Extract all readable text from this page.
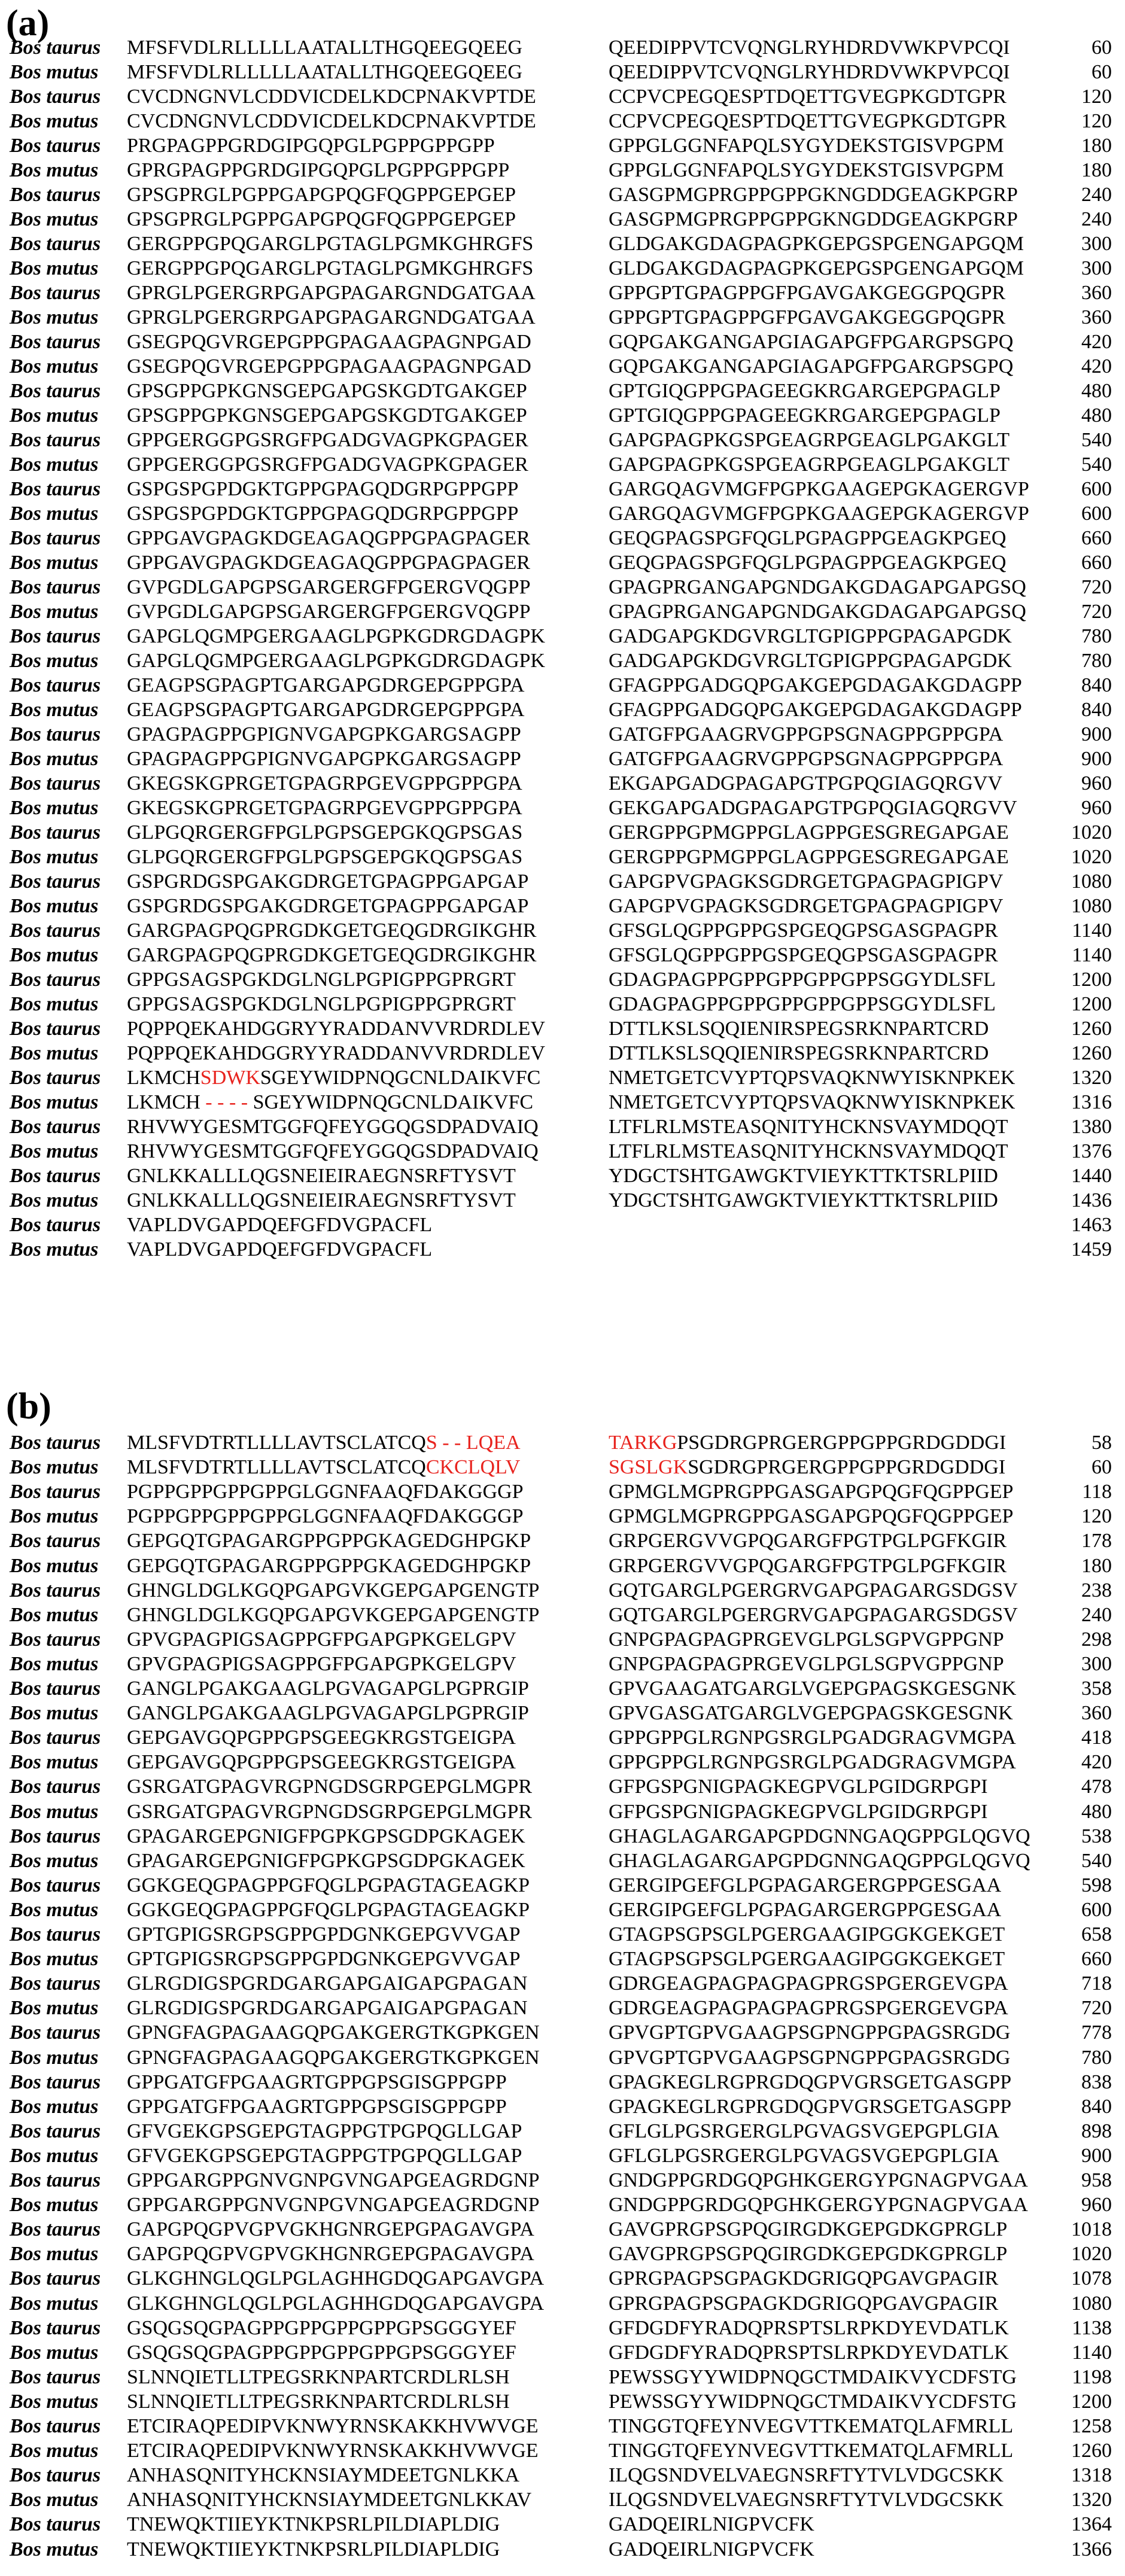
(a)
Bos taurus MFSFVDLRLLLLLAATALLTHGQEEGQEEG	QEEDIPPVTCVQNGLRYHDRDVWKPVPCQI	60
Bos mutus MFSFVDLRLLLLLAATALLTHGQEEGQEEG	QEEDIPPVTCVQNGLRYHDRDVWKPVPCQI	60
Bos taurus CVCDNGNVLCDDVICDELKDCPNAKVPTDE	CCPVCPEGQESPTDQETTGVEGPKGDTGPR	120
Bos mutus CVCDNGNVLCDDVICDELKDCPNAKVPTDE	CCPVCPEGQESPTDQETTGVEGPKGDTGPR	120
Bos taurus PRGPAGPPGRDGIPGQPGLPGPPGPPGPP	GPPGLGGNFAPQLSYGYDEKSTGISVPGPM	180
Bos mutus GPRGPAGPPGRDGIPGQPGLPGPPGPPGPP	GPPGLGGNFAPQLSYGYDEKSTGISVPGPM	180
Bos taurus GPSGPRGLPGPPGAPGPQGFQGPPGEPGEP	GASGPMGPRGPPGPPGKNGDDGEAGKPGRP	240
Bos mutus GPSGPRGLPGPPGAPGPQGFQGPPGEPGEP	GASGPMGPRGPPGPPGKNGDDGEAGKPGRP	240
Bos taurus GERGPPGPQGARGLPGTAGLPGMKGHRGFS	GLDGAKGDAGPAGPKGEPGSPGENGAPGQM	300
Bos mutus GERGPPGPQGARGLPGTAGLPGMKGHRGFS	GLDGAKGDAGPAGPKGEPGSPGENGAPGQM	300
Bos taurus GPRGLPGERGRPGAPGPAGARGNDGATGAA	GPPGPTGPAGPPGFPGAVGAKGEGGPQGPR	360
Bos mutus GPRGLPGERGRPGAPGPAGARGNDGATGAA	GPPGPTGPAGPPGFPGAVGAKGEGGPQGPR	360
Bos taurus GSEGPQGVRGEPGPPGPAGAAGPAGNPGAD	GQPGAKGANGAPGIAGAPGFPGARGPSGPQ	420
Bos mutus GSEGPQGVRGEPGPPGPAGAAGPAGNPGAD	GQPGAKGANGAPGIAGAPGFPGARGPSGPQ	420
Bos taurus GPSGPPGPKGNSGEPGAPGSKGDTGAKGEP	GPTGIQGPPGPAGEEGKRGARGEPGPAGLP	480
Bos mutus GPSGPPGPKGNSGEPGAPGSKGDTGAKGEP	GPTGIQGPPGPAGEEGKRGARGEPGPAGLP	480
Bos taurus GPPGERGGPGSRGFPGADGVAGPKGPAGER	GAPGPAGPKGSPGEAGRPGEAGLPGAKGLT	540
Bos mutus GPPGERGGPGSRGFPGADGVAGPKGPAGER	GAPGPAGPKGSPGEAGRPGEAGLPGAKGLT	540
Bos taurus GSPGSPGPDGKTGPPGPAGQDGRPGPPGPP	GARGQAGVMGFPGPKGAAGEPGKAGERGVP	600
Bos mutus GSPGSPGPDGKTGPPGPAGQDGRPGPPGPP	GARGQAGVMGFPGPKGAAGEPGKAGERGVP	600
Bos taurus GPPGAVGPAGKDGEAGAQGPPGPAGPAGER	GEQGPAGSPGFQGLPGPAGPPGEAGKPGEQ	660
Bos mutus GPPGAVGPAGKDGEAGAQGPPGPAGPAGER	GEQGPAGSPGFQGLPGPAGPPGEAGKPGEQ	660
Bos taurus GVPGDLGAPGPSGARGERGFPGERGVQGPP	GPAGPRGANGAPGNDGAKGDAGAPGAPGSQ	720
Bos mutus GVPGDLGAPGPSGARGERGFPGERGVQGPP	GPAGPRGANGAPGNDGAKGDAGAPGAPGSQ	720
Bos taurus GAPGLQGMPGERGAAGLPGPKGDRGDAGPK	GADGAPGKDGVRGLTGPIGPPGPAGAPGDK	780
Bos mutus GAPGLQGMPGERGAAGLPGPKGDRGDAGPK	GADGAPGKDGVRGLTGPIGPPGPAGAPGDK	780
Bos taurus GEAGPSGPAGPTGARGAPGDRGEPGPPGPA	GFAGPPGADGQPGAKGEPGDAGAKGDAGPP	840
Bos mutus GEAGPSGPAGPTGARGAPGDRGEPGPPGPA	GFAGPPGADGQPGAKGEPGDAGAKGDAGPP	840
Bos taurus GPAGPAGPPGPIGNVGAPGPKGARGSAGPP	GATGFPGAAGRVGPPGPSGNAGPPGPPGPA	900
Bos mutus GPAGPAGPPGPIGNVGAPGPKGARGSAGPP	GATGFPGAAGRVGPPGPSGNAGPPGPPGPA	900
Bos taurus GKEGSKGPRGETGPAGRPGEVGPPGPPGPA	EKGAPGADGPAGAPGTPGPQGIAGQRGVV	960
Bos mutus GKEGSKGPRGETGPAGRPGEVGPPGPPGPA	GEKGAPGADGPAGAPGTPGPQGIAGQRGVV	960
Bos taurus GLPGQRGERGFPGLPGPSGEPGKQGPSGAS	GERGPPGPMGPPGLAGPPGESGREGAPGAE	1020
Bos mutus GLPGQRGERGFPGLPGPSGEPGKQGPSGAS	GERGPPGPMGPPGLAGPPGESGREGAPGAE	1020
Bos taurus GSPGRDGSPGAKGDRGETGPAGPPGAPGAP	GAPGPVGPAGKSGDRGETGPAGPAGPIGPV	1080
Bos mutus GSPGRDGSPGAKGDRGETGPAGPPGAPGAP	GAPGPVGPAGKSGDRGETGPAGPAGPIGPV	1080
Bos taurus GARGPAGPQGPRGDKGETGEQGDRGIKGHR	GFSGLQGPPGPPGSPGEQGPSGASGPAGPR	1140
Bos mutus GARGPAGPQGPRGDKGETGEQGDRGIKGHR	GFSGLQGPPGPPGSPGEQGPSGASGPAGPR	1140
Bos taurus GPPGSAGSPGKDGLNGLPGPIGPPGPRGRT	GDAGPAGPPGPPGPPGPPGPPSGGYDLSFL	1200
Bos mutus GPPGSAGSPGKDGLNGLPGPIGPPGPRGRT	GDAGPAGPPGPPGPPGPPGPPSGGYDLSFL	1200
Bos taurus PQPPQEKAHDGGRYYRADDANVVRDRDLEV	DTTLKSLSQQIENIRSPEGSRKNPARTCRD	1260
Bos mutus PQPPQEKAHDGGRYYRADDANVVRDRDLEV	DTTLKSLSQQIENIRSPEGSRKNPARTCRD	1260
Bos taurus LKMCHSDWKSGEYWIDPNQGCNLDAIKVFC	NMETGETCVYPTQPSVAQKNWYISKNPKEK	1320
Bos mutus LKMCH - - - - SGEYWIDPNQGCNLDAIKVFC	NMETGETCVYPTQPSVAQKNWYISKNPKEK	1316
Bos taurus RHVWYGESMTGGFQFEYGGQGSDPADVAIQ	LTFLRLMSTEASQNITYHCKNSVAYMDQQT	1380
Bos mutus RHVWYGESMTGGFQFEYGGQGSDPADVAIQ	LTFLRLMSTEASQNITYHCKNSVAYMDQQT	1376
Bos taurus GNLKKALLLQGSNEIEIRAEGNSRFTYSVT	YDGCTSHTGAWGKTVIEYKTTKTSRLPIID	1440
Bos mutus GNLKKALLLQGSNEIEIRAEGNSRFTYSVT	YDGCTSHTGAWGKTVIEYKTTKTSRLPIID	1436
Bos taurus VAPLDVGAPDQEFGFDVGPACFL	1463
Bos mutus VAPLDVGAPDQEFGFDVGPACFL	1459
(b)
Bos taurus MLSFVDTRTLLLLAVTSCLATCQS - - LQEA	TARKGPSGDRGPRGERGPPGPPGRDGDDGI	58
Bos mutus MLSFVDTRTLLLLAVTSCLATCQCKCLQLV	SGSLGKSGDRGPRGERGPPGPPGRDGDDGI	60
Bos taurus PGPPGPPGPPGPPGLGGNFAAQFDAKGGGP	GPMGLMGPRGPPGASGAPGPQGFQGPPGEP	118
Bos mutus PGPPGPPGPPGPPGLGGNFAAQFDAKGGGP	GPMGLMGPRGPPGASGAPGPQGFQGPPGEP	120
Bos taurus GEPGQTGPAGARGPPGPPGKAGEDGHPGKP	GRPGERGVVGPQGARGFPGTPGLPGFKGIR	178
Bos mutus GEPGQTGPAGARGPPGPPGKAGEDGHPGKP	GRPGERGVVGPQGARGFPGTPGLPGFKGIR	180
Bos taurus GHNGLDGLKGQPGAPGVKGEPGAPGENGTP	GQTGARGLPGERGRVGAPGPAGARGSDGSV	238
Bos mutus GHNGLDGLKGQPGAPGVKGEPGAPGENGTP	GQTGARGLPGERGRVGAPGPAGARGSDGSV	240
Bos taurus GPVGPAGPIGSAGPPGFPGAPGPKGELGPV	GNPGPAGPAGPRGEVGLPGLSGPVGPPGNP	298
Bos mutus GPVGPAGPIGSAGPPGFPGAPGPKGELGPV	GNPGPAGPAGPRGEVGLPGLSGPVGPPGNP	300
Bos taurus GANGLPGAKGAAGLPGVAGAPGLPGPRGIP	GPVGAAGATGARGLVGEPGPAGSKGESGNK	358
Bos mutus GANGLPGAKGAAGLPGVAGAPGLPGPRGIP	GPVGASGATGARGLVGEPGPAGSKGESGNK	360
Bos taurus GEPGAVGQPGPPGPSGEEGKRGSTGEIGPA	GPPGPPGLRGNPGSRGLPGADGRAGVMGPA	418
Bos mutus GEPGAVGQPGPPGPSGEEGKRGSTGEIGPA	GPPGPPGLRGNPGSRGLPGADGRAGVMGPA	420
Bos taurus GSRGATGPAGVRGPNGDSGRPGEPGLMGPR	GFPGSPGNIGPAGKEGPVGLPGIDGRPGPI	478
Bos mutus GSRGATGPAGVRGPNGDSGRPGEPGLMGPR	GFPGSPGNIGPAGKEGPVGLPGIDGRPGPI	480
Bos taurus GPAGARGEPGNIGFPGPKGPSGDPGKAGEK	GHAGLAGARGAPGPDGNNGAQGPPGLQGVQ	538
Bos mutus GPAGARGEPGNIGFPGPKGPSGDPGKAGEK	GHAGLAGARGAPGPDGNNGAQGPPGLQGVQ	540
Bos taurus GGKGEQGPAGPPGFQGLPGPAGTAGEAGKP	GERGIPGEFGLPGPAGARGERGPPGESGAA	598
Bos mutus GGKGEQGPAGPPGFQGLPGPAGTAGEAGKP	GERGIPGEFGLPGPAGARGERGPPGESGAA	600
Bos taurus GPTGPIGSRGPSGPPGPDGNKGEPGVVGAP	GTAGPSGPSGLPGERGAAGIPGGKGEKGET	658
Bos mutus GPTGPIGSRGPSGPPGPDGNKGEPGVVGAP	GTAGPSGPSGLPGERGAAGIPGGKGEKGET	660
Bos taurus GLRGDIGSPGRDGARGAPGAIGAPGPAGAN	GDRGEAGPAGPAGPAGPRGSPGERGEVGPA	718
Bos mutus GLRGDIGSPGRDGARGAPGAIGAPGPAGAN	GDRGEAGPAGPAGPAGPRGSPGERGEVGPA	720
Bos taurus GPNGFAGPAGAAGQPGAKGERGTKGPKGEN	GPVGPTGPVGAAGPSGPNGPPGPAGSRGDG	778
Bos mutus GPNGFAGPAGAAGQPGAKGERGTKGPKGEN	GPVGPTGPVGAAGPSGPNGPPGPAGSRGDG	780
Bos taurus GPPGATGFPGAAGRTGPPGPSGISGPPGPP	GPAGKEGLRGPRGDQGPVGRSGETGASGPP	838
Bos mutus GPPGATGFPGAAGRTGPPGPSGISGPPGPP	GPAGKEGLRGPRGDQGPVGRSGETGASGPP	840
Bos taurus GFVGEKGPSGEPGTAGPPGTPGPQGLLGAP	GFLGLPGSRGERGLPGVAGSVGEPGPLGIA	898
Bos mutus GFVGEKGPSGEPGTAGPPGTPGPQGLLGAP	GFLGLPGSRGERGLPGVAGSVGEPGPLGIA	900
Bos taurus GPPGARGPPGNVGNPGVNGAPGEAGRDGNP	GNDGPPGRDGQPGHKGERGYPGNAGPVGAA	958
Bos mutus GPPGARGPPGNVGNPGVNGAPGEAGRDGNP	GNDGPPGRDGQPGHKGERGYPGNAGPVGAA	960
Bos taurus GAPGPQGPVGPVGKHGNRGEPGPAGAVGPA	GAVGPRGPSGPQGIRGDKGEPGDKGPRGLP	1018
Bos mutus GAPGPQGPVGPVGKHGNRGEPGPAGAVGPA	GAVGPRGPSGPQGIRGDKGEPGDKGPRGLP	1020
Bos taurus GLKGHNGLQGLPGLAGHHGDQGAPGAVGPA	GPRGPAGPSGPAGKDGRIGQPGAVGPAGIR	1078
Bos mutus GLKGHNGLQGLPGLAGHHGDQGAPGAVGPA	GPRGPAGPSGPAGKDGRIGQPGAVGPAGIR	1080
Bos taurus GSQGSQGPAGPPGPPGPPGPPGPSGGGYEF	GFDGDFYRADQPRSPTSLRPKDYEVDATLK	1138
Bos mutus GSQGSQGPAGPPGPPGPPGPPGPSGGGYEF	GFDGDFYRADQPRSPTSLRPKDYEVDATLK	1140
Bos taurus SLNNQIETLLTPEGSRKNPARTCRDLRLSH	PEWSSGYYWIDPNQGCTMDAIKVYCDFSTG	1198
Bos mutus SLNNQIETLLTPEGSRKNPARTCRDLRLSH	PEWSSGYYWIDPNQGCTMDAIKVYCDFSTG	1200
Bos taurus ETCIRAQPEDIPVKNWYRNSKAKKHVWVGE	TINGGTQFEYNVEGVTTKEMATQLAFMRLL	1258
Bos mutus ETCIRAQPEDIPVKNWYRNSKAKKHVWVGE	TINGGTQFEYNVEGVTTKEMATQLAFMRLL	1260
Bos taurus ANHASQNITYHCKNSIAYMDEETGNLKKA	ILQGSNDVELVAEGNSRFTYTVLVDGCSKK	1318
Bos mutus ANHASQNITYHCKNSIAYMDEETGNLKKAV	ILQGSNDVELVAEGNSRFTYTVLVDGCSKK	1320
Bos taurus TNEWQKTIIEYKTNKPSRLPILDIAPLDIG	GADQEIRLNIGPVCFK	1364
Bos mutus TNEWQKTIIEYKTNKPSRLPILDIAPLDIG	GADQEIRLNIGPVCFK	1366
